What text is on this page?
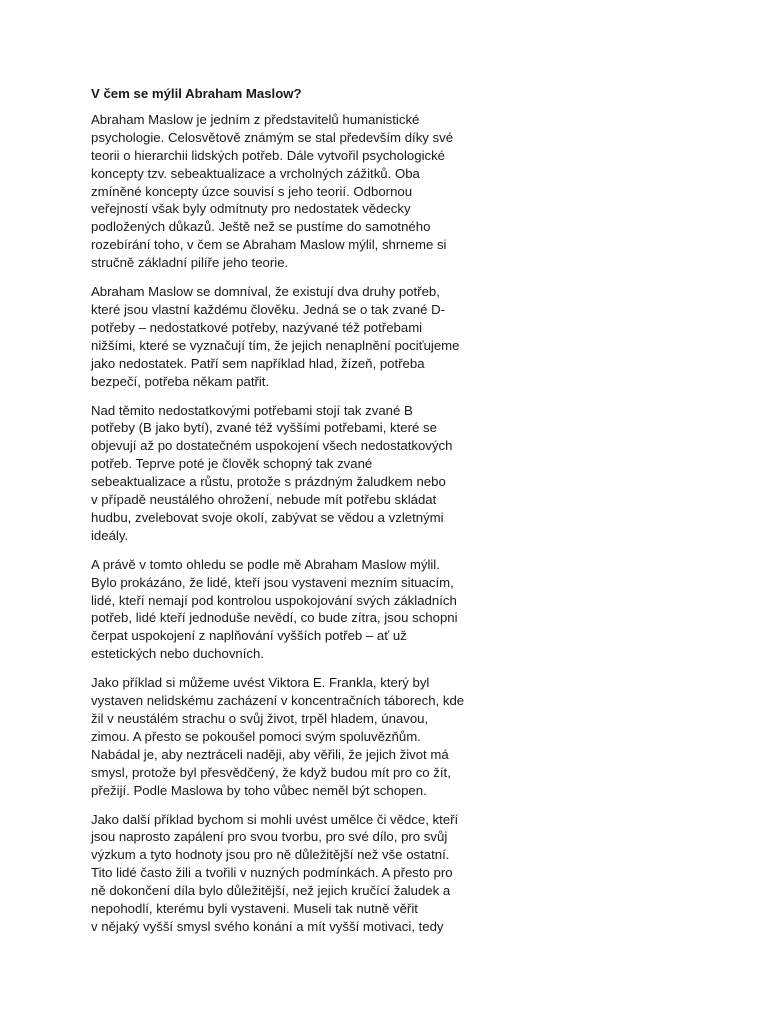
V čem se mýlil Abraham Maslow?
Abraham Maslow je jedním z představitelů humanistické
psychologie. Celosvětově známým se stal především díky své
teorii o hierarchii lidských potřeb. Dále vytvořil psychologické
koncepty tzv. sebeaktualizace a vrcholných zážitků. Oba
zmíněné koncepty úzce souvisí s jeho teorií. Odbornou
veřejností však byly odmítnuty pro nedostatek vědecky
podložených důkazů. Ještě než se pustíme do samotného
rozebírání toho, v čem se Abraham Maslow mýlil, shrneme si
stručně základní pilíře jeho teorie.
Abraham Maslow se domníval, že existují dva druhy potřeb,
které jsou vlastní každému člověku. Jedná se o tak zvané D-
potřeby – nedostatkové potřeby, nazývané též potřebami
nižšími, které se vyznačují tím, že jejich nenaplnění pociťujeme
jako nedostatek. Patří sem například hlad, žízeň, potřeba
bezpečí, potřeba někam patřit.
Nad těmito nedostatkovými potřebami stojí tak zvané B
potřeby (B jako bytí), zvané též vyššími potřebami, které se
objevují až po dostatečném uspokojení všech nedostatkových
potřeb. Teprve poté je člověk schopný tak zvané
sebeaktualizace a růstu, protože s prázdným žaludkem nebo
v případě neustálého ohrožení, nebude mít potřebu skládat
hudbu, zvelebovat svoje okolí, zabývat se vědou a vzletnými
ideály.
A právě v tomto ohledu se podle mě Abraham Maslow mýlil.
Bylo prokázáno, že lidé, kteří jsou vystaveni mezním situacím,
lidé, kteří nemají pod kontrolou uspokojování svých základních
potřeb, lidé kteří jednoduše nevědí, co bude zítra, jsou schopni
čerpat uspokojení z naplňování vyšších potřeb – ať už
estetických nebo duchovních.
Jako příklad si můžeme uvést Viktora E. Frankla, který byl
vystaven nelidskému zacházení v koncentračních táborech, kde
žil v neustálém strachu o svůj život, trpěl hladem, únavou,
zimou. A přesto se pokoušel pomoci svým spoluvězňům.
Nabádal je, aby neztráceli naději, aby věřili, že jejich život má
smysl, protože byl přesvědčený, že když budou mít pro co žít,
přežijí. Podle Maslowa by toho vůbec neměl být schopen.
Jako další příklad bychom si mohli uvést umělce či vědce, kteří
jsou naprosto zapálení pro svou tvorbu, pro své dílo, pro svůj
výzkum a tyto hodnoty jsou pro ně důležitější než vše ostatní.
Tito lidé často žili a tvořili v nuzných podmínkách. A přesto pro
ně dokončení díla bylo důležitější, než jejich kručící žaludek a
nepohodlí, kterému byli vystaveni. Museli tak nutně věřit
v nějaký vyšší smysl svého konání a mít vyšší motivaci, tedy
